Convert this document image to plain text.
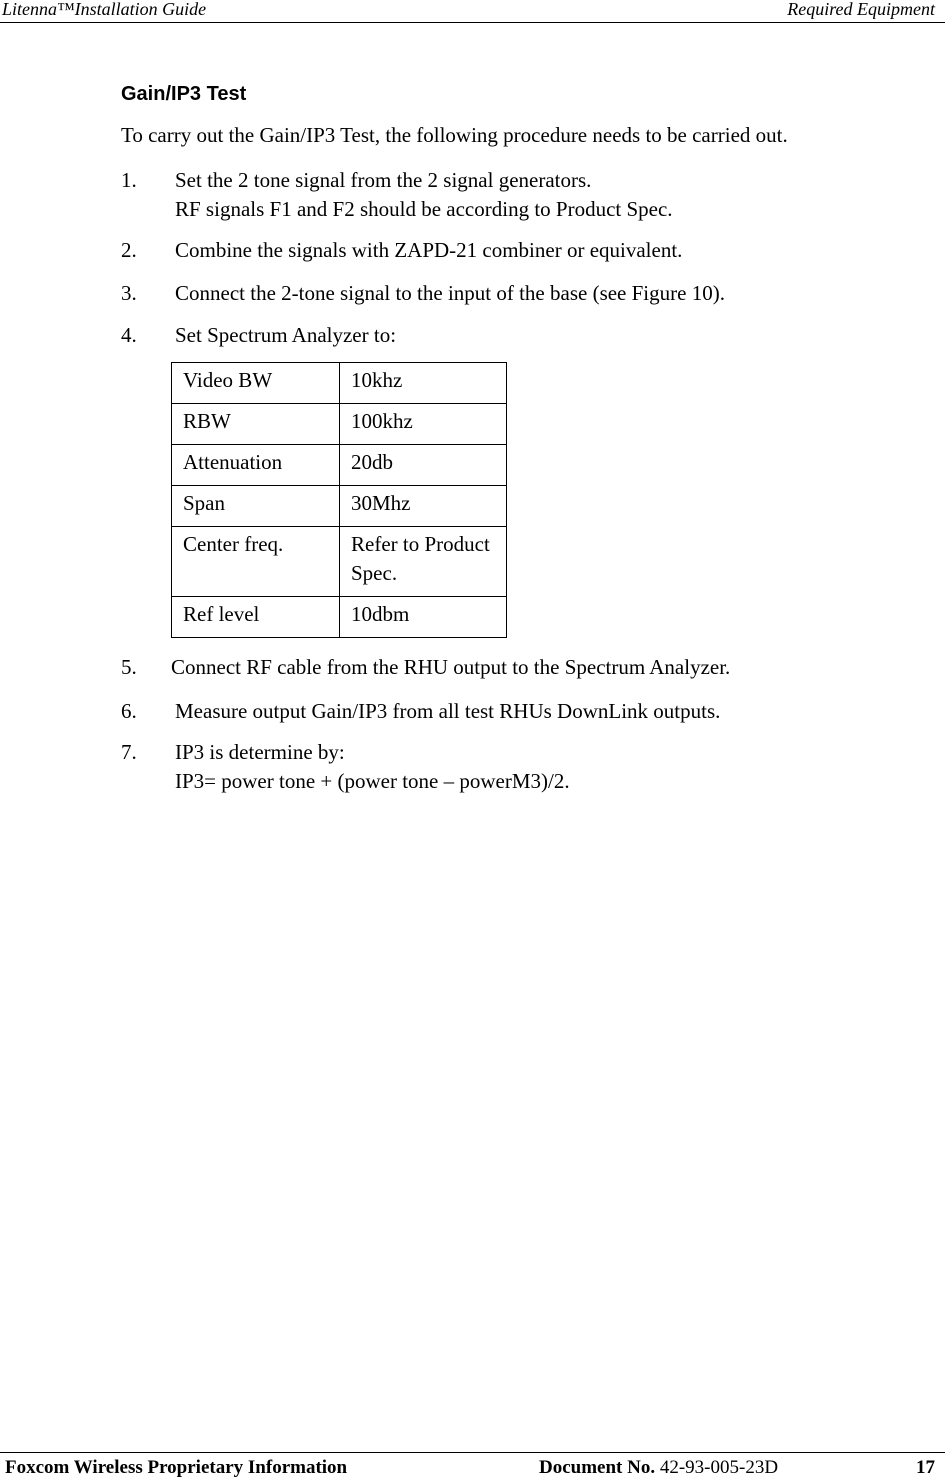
Litenna™Installation Guide	Required Equipment
Gain/IP3 Test
To carry out the Gain/IP3 Test, the following procedure needs to be carried out.
1. Set the 2 tone signal from the 2 signal generators.
RF signals F1 and F2 should be according to Product Spec.
2. Combine the signals with ZAPD-21 combiner or equivalent.
3. Connect the 2-tone signal to the input of the base (see Figure 10).
4. Set Spectrum Analyzer to:
Video BW	10khz
RBW	100khz
Attenuation	20db
Span	30Mhz
Center freq.	Refer to Product Spec.
Ref level	10dbm
5. Connect RF cable from the RHU output to the Spectrum Analyzer.
6. Measure output Gain/IP3 from all test RHUs DownLink outputs.
7. IP3 is determine by:
IP3= power tone + (power tone – powerM3)/2.
Foxcom Wireless Proprietary Information	Document No. 42-93-005-23D	17
